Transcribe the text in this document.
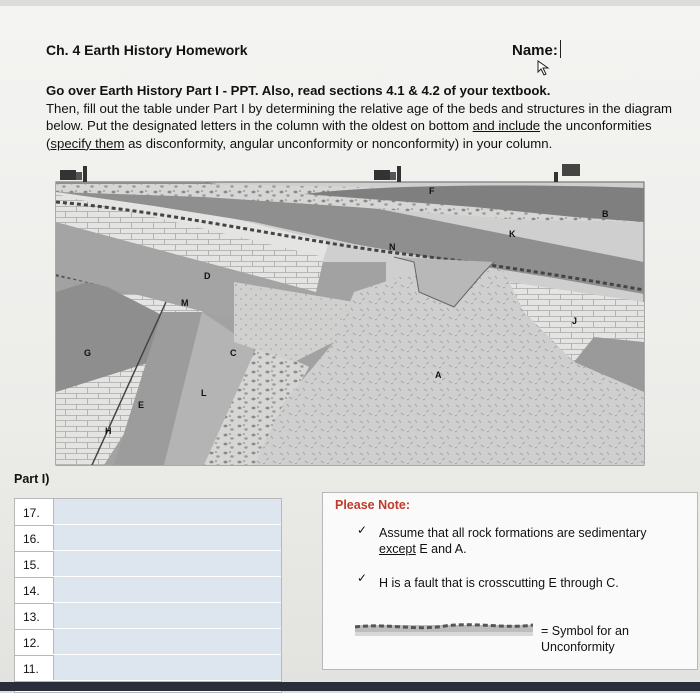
Ch. 4 Earth History Homework	Name:
Go over Earth History Part I - PPT. Also, read sections 4.1 & 4.2 of your textbook.
Then, fill out the table under Part I by determining the relative age of the beds and structures in the diagram below. Put the designated letters in the column with the oldest on bottom and include the unconformities (specify them as disconformity, angular unconformity or nonconformity) in your column.
F
B
K
N
D
M
J
C
A
G
E
L
H
Part I)
17.
16.
15.
14.
13.
12.
11.
Please Note:
✓ Assume that all rock formations are sedimentary
except E and A.
✓ H is a fault that is crosscutting E through C.
= Symbol for an
Unconformity
